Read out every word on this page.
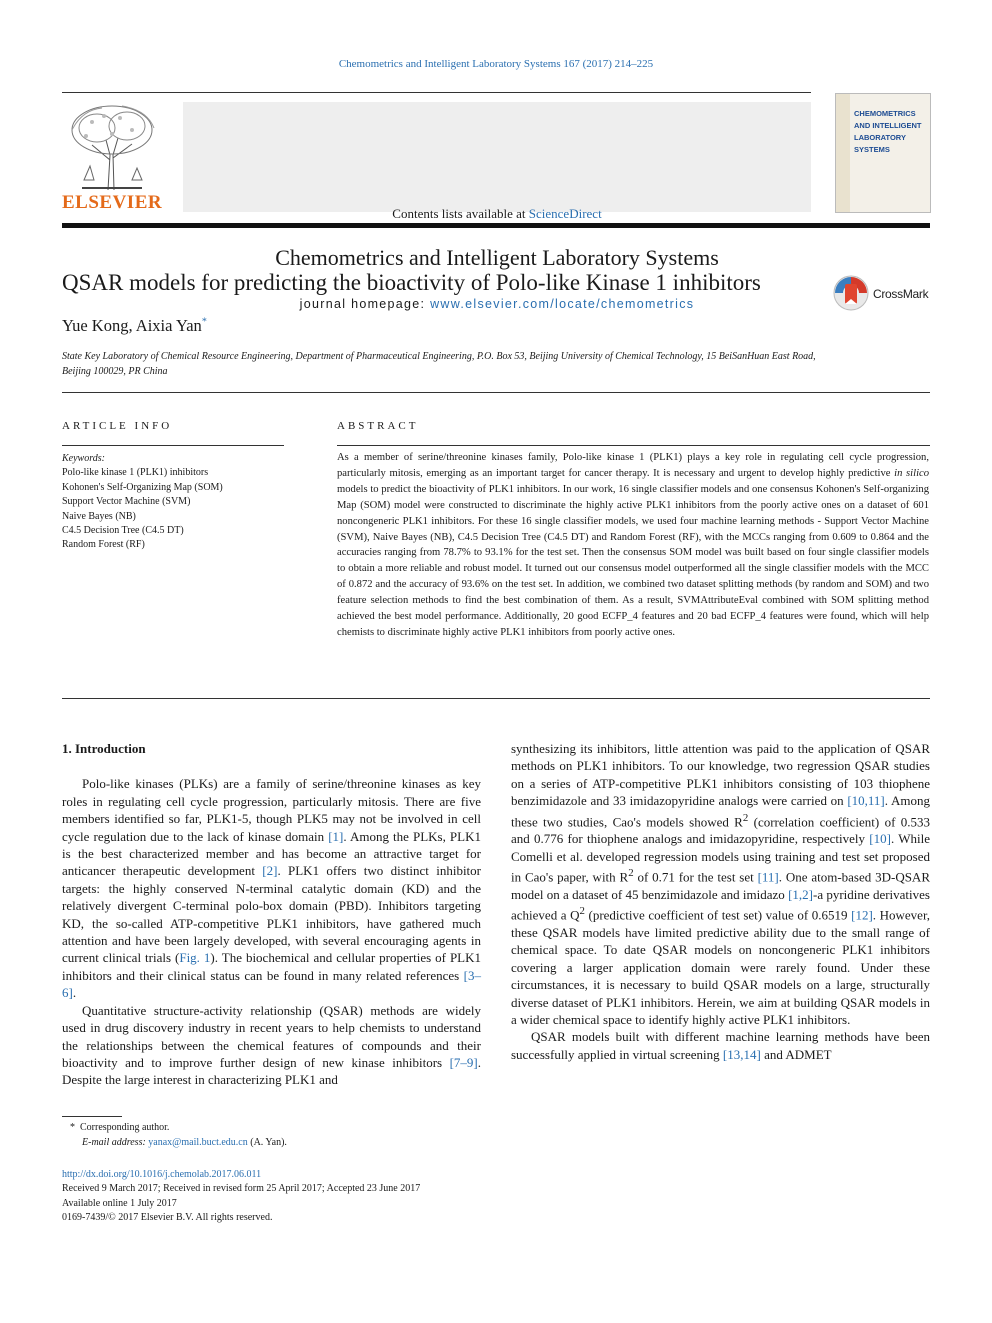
Chemometrics and Intelligent Laboratory Systems 167 (2017) 214–225
ELSEVIER
Contents lists available at ScienceDirect
Chemometrics and Intelligent Laboratory Systems
journal homepage: www.elsevier.com/locate/chemometrics
CHEMOMETRICS
AND INTELLIGENT
LABORATORY
SYSTEMS
QSAR models for predicting the bioactivity of Polo-like Kinase 1 inhibitors	CrossMark
Yue Kong, Aixia Yan*
State Key Laboratory of Chemical Resource Engineering, Department of Pharmaceutical Engineering, P.O. Box 53, Beijing University of Chemical Technology, 15 BeiSanHuan East Road, Beijing 100029, PR China
ARTICLE INFO
Keywords:
Polo-like kinase 1 (PLK1) inhibitors
Kohonen's Self-Organizing Map (SOM)
Support Vector Machine (SVM)
Naive Bayes (NB)
C4.5 Decision Tree (C4.5 DT)
Random Forest (RF)
ABSTRACT
As a member of serine/threonine kinases family, Polo-like kinase 1 (PLK1) plays a key role in regulating cell cycle progression, particularly mitosis, emerging as an important target for cancer therapy. It is necessary and urgent to develop highly predictive in silico models to predict the bioactivity of PLK1 inhibitors. In our work, 16 single classifier models and one consensus Kohonen's Self-organizing Map (SOM) model were constructed to discriminate the highly active PLK1 inhibitors from the poorly active ones on a dataset of 601 noncongeneric PLK1 inhibitors. For these 16 single classifier models, we used four machine learning methods - Support Vector Machine (SVM), Naive Bayes (NB), C4.5 Decision Tree (C4.5 DT) and Random Forest (RF), with the MCCs ranging from 0.609 to 0.864 and the accuracies ranging from 78.7% to 93.1% for the test set. Then the consensus SOM model was built based on four single classifier models to obtain a more reliable and robust model. It turned out our consensus model outperformed all the single classifier models with the MCC of 0.872 and the accuracy of 93.6% on the test set. In addition, we combined two dataset splitting methods (by random and SOM) and two feature selection methods to find the best combination of them. As a result, SVMAttributeEval combined with SOM splitting method achieved the best model performance. Additionally, 20 good ECFP_4 features and 20 bad ECFP_4 features were found, which will help chemists to discriminate highly active PLK1 inhibitors from poorly active ones.

1. Introduction

Polo-like kinases (PLKs) are a family of serine/threonine kinases as key roles in regulating cell cycle progression, particularly mitosis. There are five members identified so far, PLK1-5, though PLK5 may not be involved in cell cycle regulation due to the lack of kinase domain [1]. Among the PLKs, PLK1 is the best characterized member and has become an attractive target for anticancer therapeutic development [2]. PLK1 offers two distinct inhibitor targets: the highly conserved N-terminal catalytic domain (KD) and the relatively divergent C-terminal polo-box domain (PBD). Inhibitors targeting KD, the so-called ATP-competitive PLK1 inhibitors, have gathered much attention and have been largely developed, with several encouraging agents in current clinical trials (Fig. 1). The biochemical and cellular properties of PLK1 inhibitors and their clinical status can be found in many related references [3–6].

Quantitative structure-activity relationship (QSAR) methods are widely used in drug discovery industry in recent years to help chemists to understand the relationships between the chemical features of compounds and their bioactivity and to improve further design of new kinase inhibitors [7–9]. Despite the large interest in characterizing PLK1 and

synthesizing its inhibitors, little attention was paid to the application of QSAR methods on PLK1 inhibitors. To our knowledge, two regression QSAR studies on a series of ATP-competitive PLK1 inhibitors consisting of 103 thiophene benzimidazole and 33 imidazopyridine analogs were carried on [10,11]. Among these two studies, Cao's models showed $R^2$ (correlation coefficient) of 0.533 and 0.776 for thiophene analogs and imidazopyridine, respectively [10]. While Comelli et al. developed regression models using training and test set proposed in Cao's paper, with $R^2$ of 0.71 for the test set [11]. One atom-based 3D-QSAR model on a dataset of 45 benzimidazole and imidazo [1,2]-a pyridine derivatives achieved a $Q^2$ (predictive coefficient of test set) value of 0.6519 [12]. However, these QSAR models have limited predictive ability due to the small range of chemical space. To date QSAR models on noncongeneric PLK1 inhibitors covering a larger application domain were rarely found. Under these circumstances, it is necessary to build QSAR models on a large, structurally diverse dataset of PLK1 inhibitors. Herein, we aim at building QSAR models in a wider chemical space to identify highly active PLK1 inhibitors.

QSAR models built with different machine learning methods have been successfully applied in virtual screening [13,14] and ADMET

* Corresponding author.
E-mail address: yanax@mail.buct.edu.cn (A. Yan).
http://dx.doi.org/10.1016/j.chemolab.2017.06.011
Received 9 March 2017; Received in revised form 25 April 2017; Accepted 23 June 2017
Available online 1 July 2017
0169-7439/© 2017 Elsevier B.V. All rights reserved.
